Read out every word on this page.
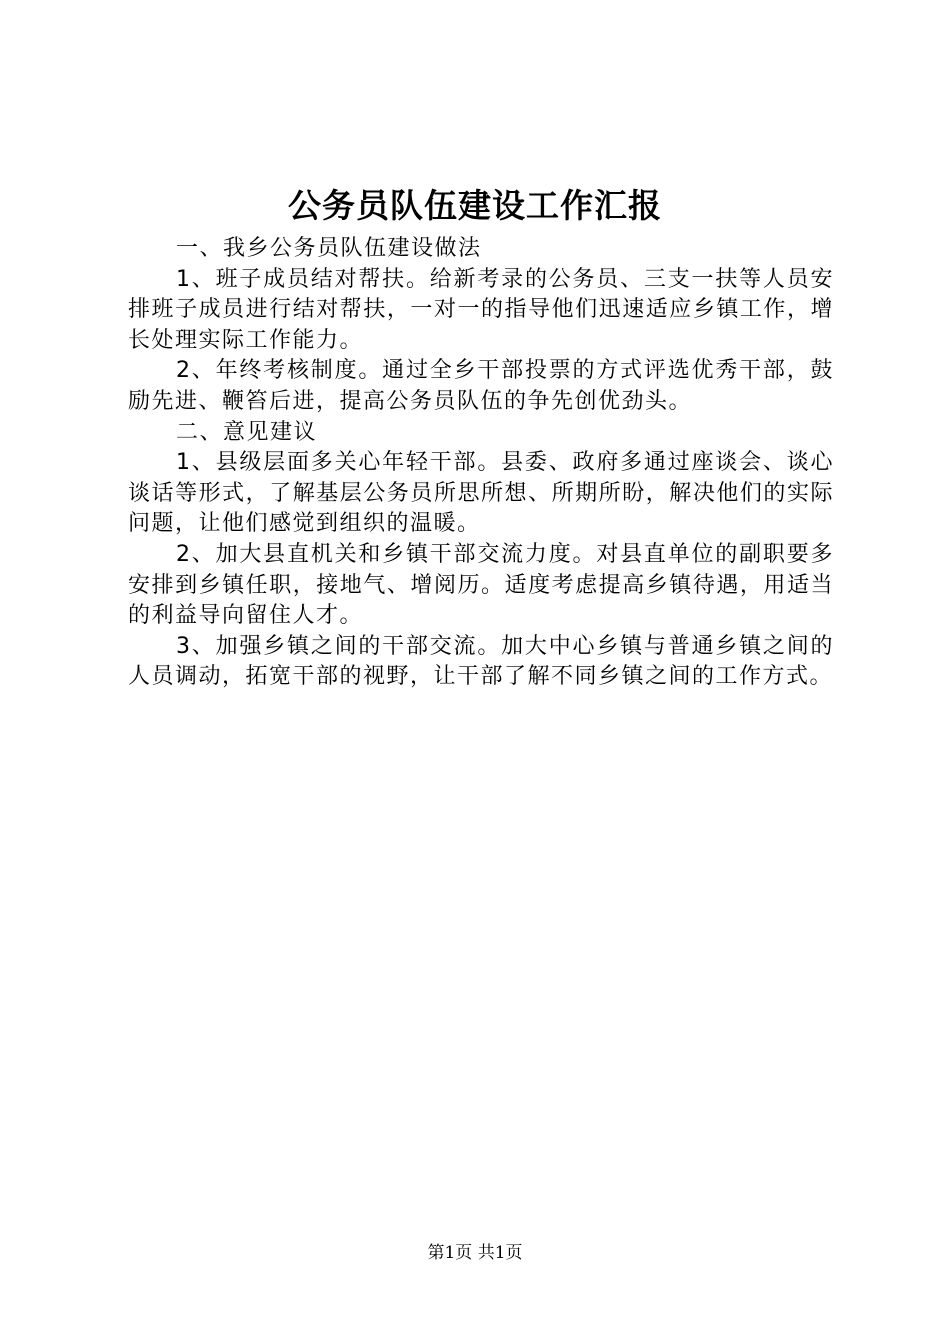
公务员队伍建设工作汇报

一、我乡公务员队伍建设做法

1、班子成员结对帮扶。给新考录的公务员、三支一扶等人员安排班子成员进行结对帮扶，一对一的指导他们迅速适应乡镇工作，增长处理实际工作能力。

2、年终考核制度。通过全乡干部投票的方式评选优秀干部，鼓励先进、鞭笞后进，提高公务员队伍的争先创优劲头。

二、意见建议

1、县级层面多关心年轻干部。县委、政府多通过座谈会、谈心谈话等形式，了解基层公务员所思所想、所期所盼，解决他们的实际问题，让他们感觉到组织的温暖。

2、加大县直机关和乡镇干部交流力度。对县直单位的副职要多安排到乡镇任职，接地气、增阅历。适度考虑提高乡镇待遇，用适当的利益导向留住人才。

3、加强乡镇之间的干部交流。加大中心乡镇与普通乡镇之间的人员调动，拓宽干部的视野，让干部了解不同乡镇之间的工作方式。

第1页 共1页
